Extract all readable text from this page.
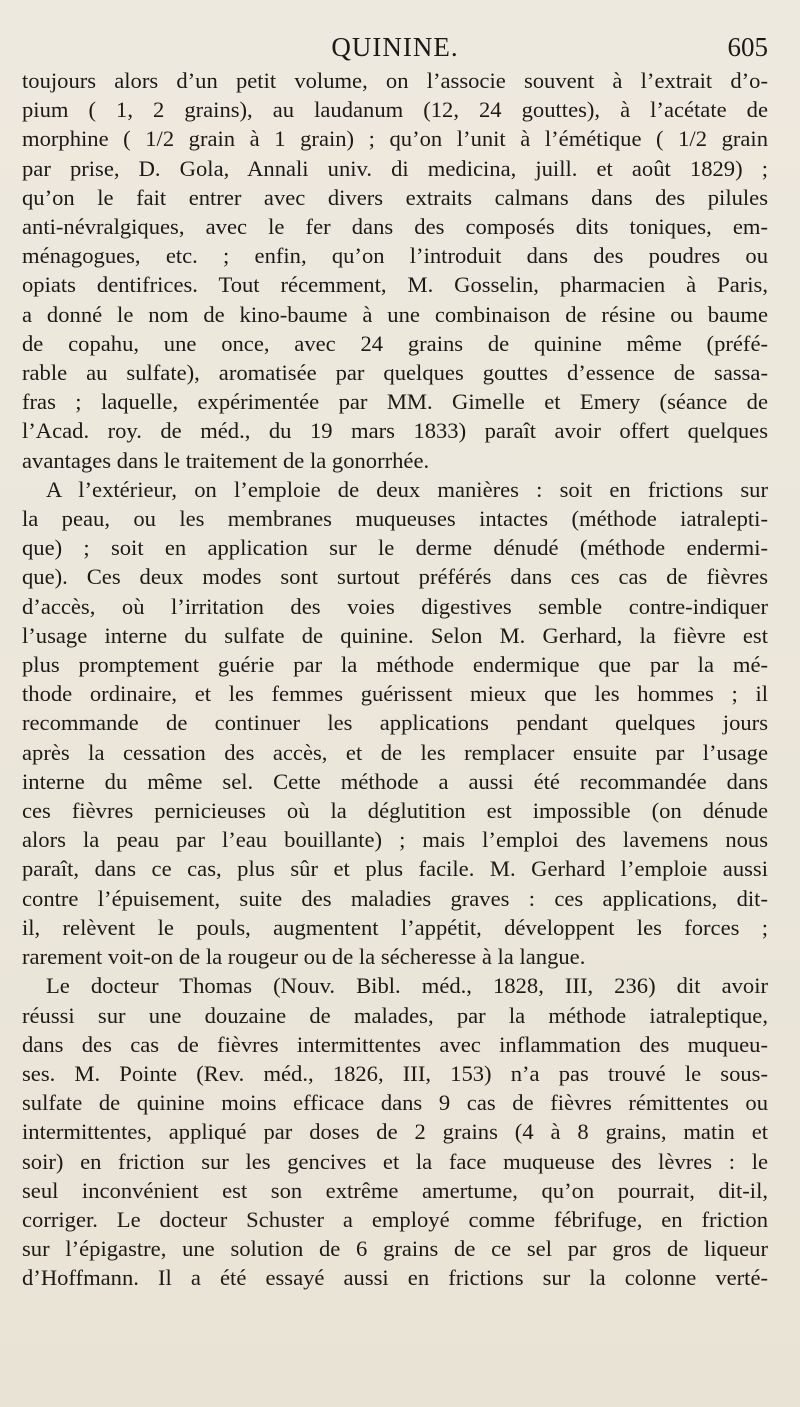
QUININE.	605
toujours alors d’un petit volume, on l’associe souvent à l’extrait d’o-
pium ( 1, 2 grains), au laudanum (12, 24 gouttes), à l’acétate de
morphine ( 1/2 grain à 1 grain) ; qu’on l’unit à l’émétique ( 1/2 grain
par prise, D. Gola, Annali univ. di medicina, juill. et août 1829) ;
qu’on le fait entrer avec divers extraits calmans dans des pilules
anti-névralgiques, avec le fer dans des composés dits toniques, em-
ménagogues, etc. ; enfin, qu’on l’introduit dans des poudres ou
opiats dentifrices. Tout récemment, M. Gosselin, pharmacien à Paris,
a donné le nom de kino-baume à une combinaison de résine ou baume
de copahu, une once, avec 24 grains de quinine même (préfé-
rable au sulfate), aromatisée par quelques gouttes d’essence de sassa-
fras ; laquelle, expérimentée par MM. Gimelle et Emery (séance de
l’Acad. roy. de méd., du 19 mars 1833) paraît avoir offert quelques
avantages dans le traitement de la gonorrhée.
A l’extérieur, on l’emploie de deux manières : soit en frictions sur
la peau, ou les membranes muqueuses intactes (méthode iatralepti-
que) ; soit en application sur le derme dénudé (méthode endermi-
que). Ces deux modes sont surtout préférés dans ces cas de fièvres
d’accès, où l’irritation des voies digestives semble contre-indiquer
l’usage interne du sulfate de quinine. Selon M. Gerhard, la fièvre est
plus promptement guérie par la méthode endermique que par la mé-
thode ordinaire, et les femmes guérissent mieux que les hommes ; il
recommande de continuer les applications pendant quelques jours
après la cessation des accès, et de les remplacer ensuite par l’usage
interne du même sel. Cette méthode a aussi été recommandée dans
ces fièvres pernicieuses où la déglutition est impossible (on dénude
alors la peau par l’eau bouillante) ; mais l’emploi des lavemens nous
paraît, dans ce cas, plus sûr et plus facile. M. Gerhard l’emploie aussi
contre l’épuisement, suite des maladies graves : ces applications, dit-
il, relèvent le pouls, augmentent l’appétit, développent les forces ;
rarement voit-on de la rougeur ou de la sécheresse à la langue.
Le docteur Thomas (Nouv. Bibl. méd., 1828, III, 236) dit avoir
réussi sur une douzaine de malades, par la méthode iatraleptique,
dans des cas de fièvres intermittentes avec inflammation des muqueu-
ses. M. Pointe (Rev. méd., 1826, III, 153) n’a pas trouvé le sous-
sulfate de quinine moins efficace dans 9 cas de fièvres rémittentes ou
intermittentes, appliqué par doses de 2 grains (4 à 8 grains, matin et
soir) en friction sur les gencives et la face muqueuse des lèvres : le
seul inconvénient est son extrême amertume, qu’on pourrait, dit-il,
corriger. Le docteur Schuster a employé comme fébrifuge, en friction
sur l’épigastre, une solution de 6 grains de ce sel par gros de liqueur
d’Hoffmann. Il a été essayé aussi en frictions sur la colonne verté-
